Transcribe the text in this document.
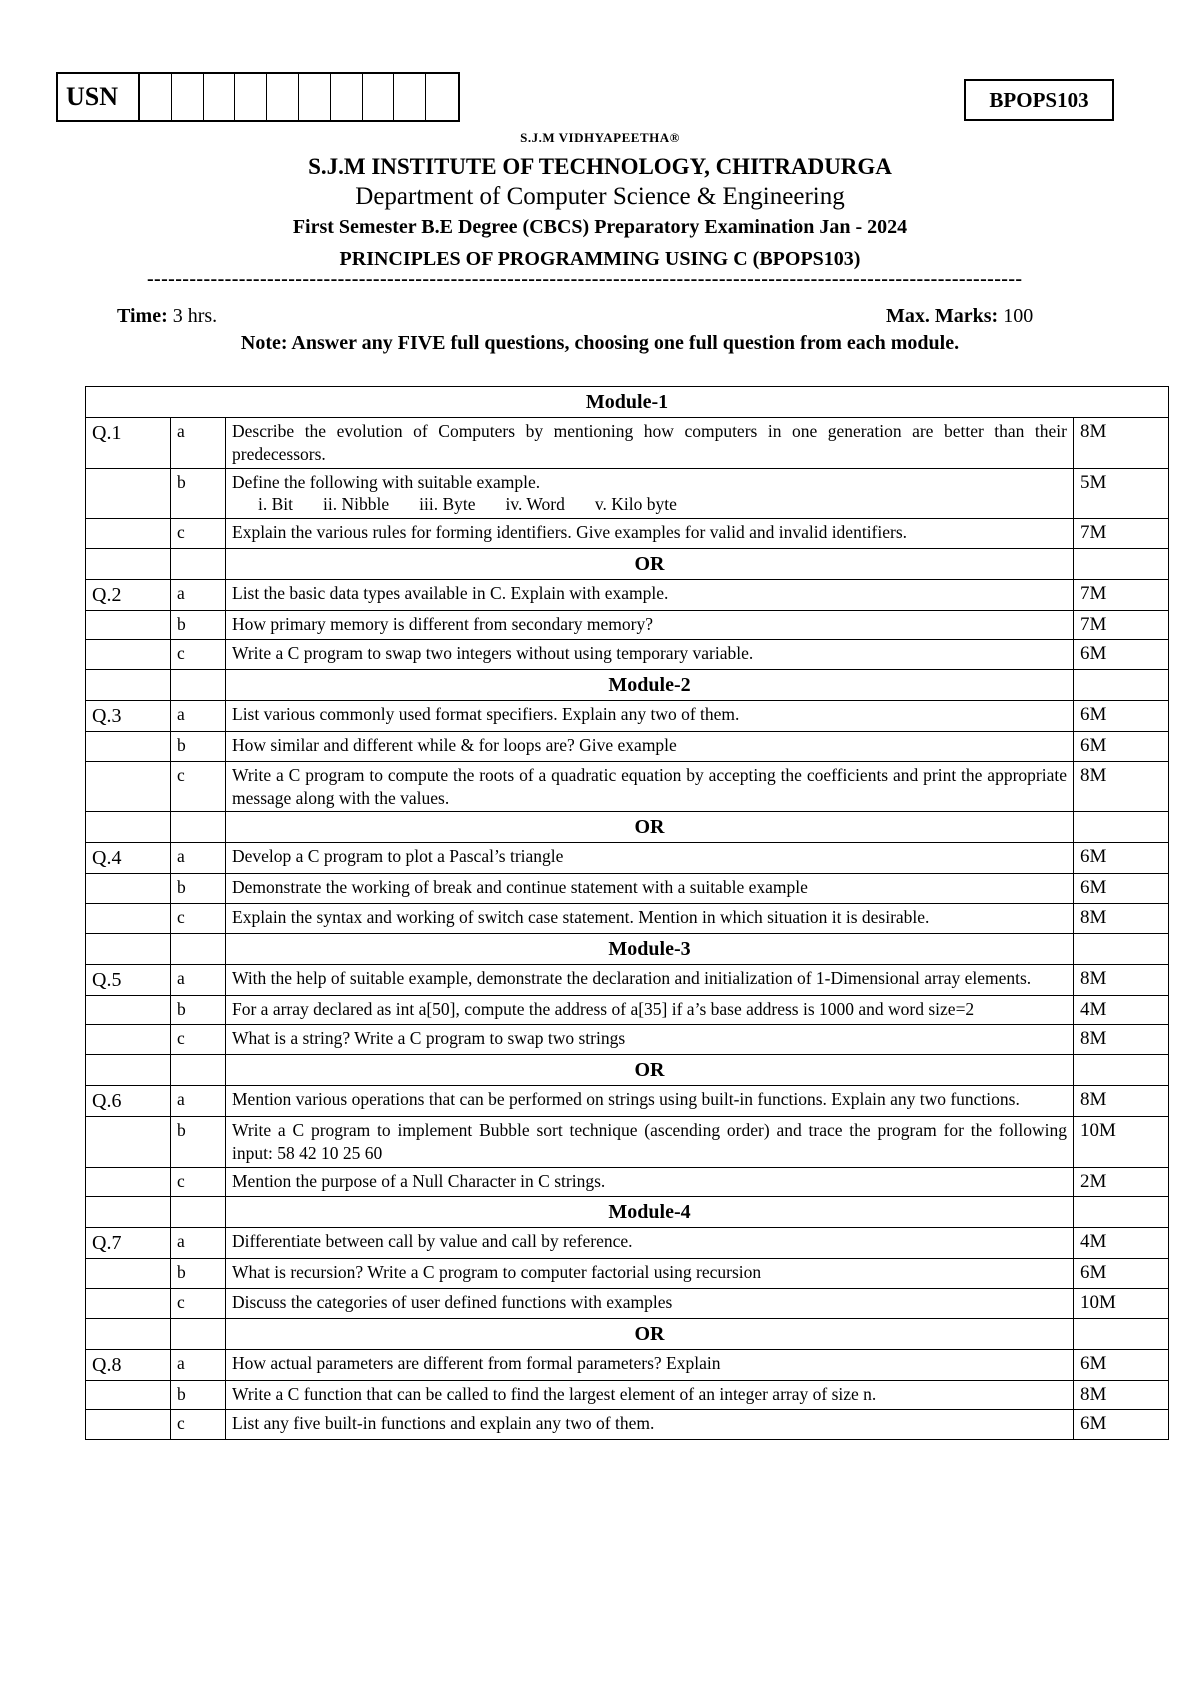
USN	BPOPS103
S.J.M VIDHYAPEETHA®
S.J.M INSTITUTE OF TECHNOLOGY, CHITRADURGA
Department of Computer Science & Engineering
First Semester B.E Degree (CBCS) Preparatory Examination Jan - 2024
PRINCIPLES OF PROGRAMMING USING C (BPOPS103)
----------------------------------------------------------------------------------------------------------------------------
Time: 3 hrs.	Max. Marks: 100
Note: Answer any FIVE full questions, choosing one full question from each module.
Module-1			
Q.1	a	Describe the evolution of Computers by mentioning how computers in one generation are better than their predecessors.	8M
	b	Define the following with suitable example.
i. Bit ii. Nibble iii. Byte iv. Word v. Kilo byte	5M
	c	Explain the various rules for forming identifiers. Give examples for valid and invalid identifiers.	7M
		OR	
Q.2	a	List the basic data types available in C. Explain with example.	7M
	b	How primary memory is different from secondary memory?	7M
	c	Write a C program to swap two integers without using temporary variable.	6M
		Module-2	
Q.3	a	List various commonly used format specifiers. Explain any two of them.	6M
	b	How similar and different while & for loops are? Give example	6M
	c	Write a C program to compute the roots of a quadratic equation by accepting the coefficients and print the appropriate message along with the values.	8M
		OR	
Q.4	a	Develop a C program to plot a Pascal’s triangle	6M
	b	Demonstrate the working of break and continue statement with a suitable example	6M
	c	Explain the syntax and working of switch case statement. Mention in which situation it is desirable.	8M
		Module-3	
Q.5	a	With the help of suitable example, demonstrate the declaration and initialization of 1-Dimensional array elements.	8M
	b	For a array declared as int a[50], compute the address of a[35] if a’s base address is 1000 and word size=2	4M
	c	What is a string? Write a C program to swap two strings	8M
		OR	
Q.6	a	Mention various operations that can be performed on strings using built-in functions. Explain any two functions.	8M
	b	Write a C program to implement Bubble sort technique (ascending order) and trace the program for the following input: 58 42 10 25 60	10M
	c	Mention the purpose of a Null Character in C strings.	2M
		Module-4	
Q.7	a	Differentiate between call by value and call by reference.	4M
	b	What is recursion? Write a C program to computer factorial using recursion	6M
	c	Discuss the categories of user defined functions with examples	10M
		OR	
Q.8	a	How actual parameters are different from formal parameters? Explain	6M
	b	Write a C function that can be called to find the largest element of an integer array of size n.	8M
	c	List any five built-in functions and explain any two of them.	6M
